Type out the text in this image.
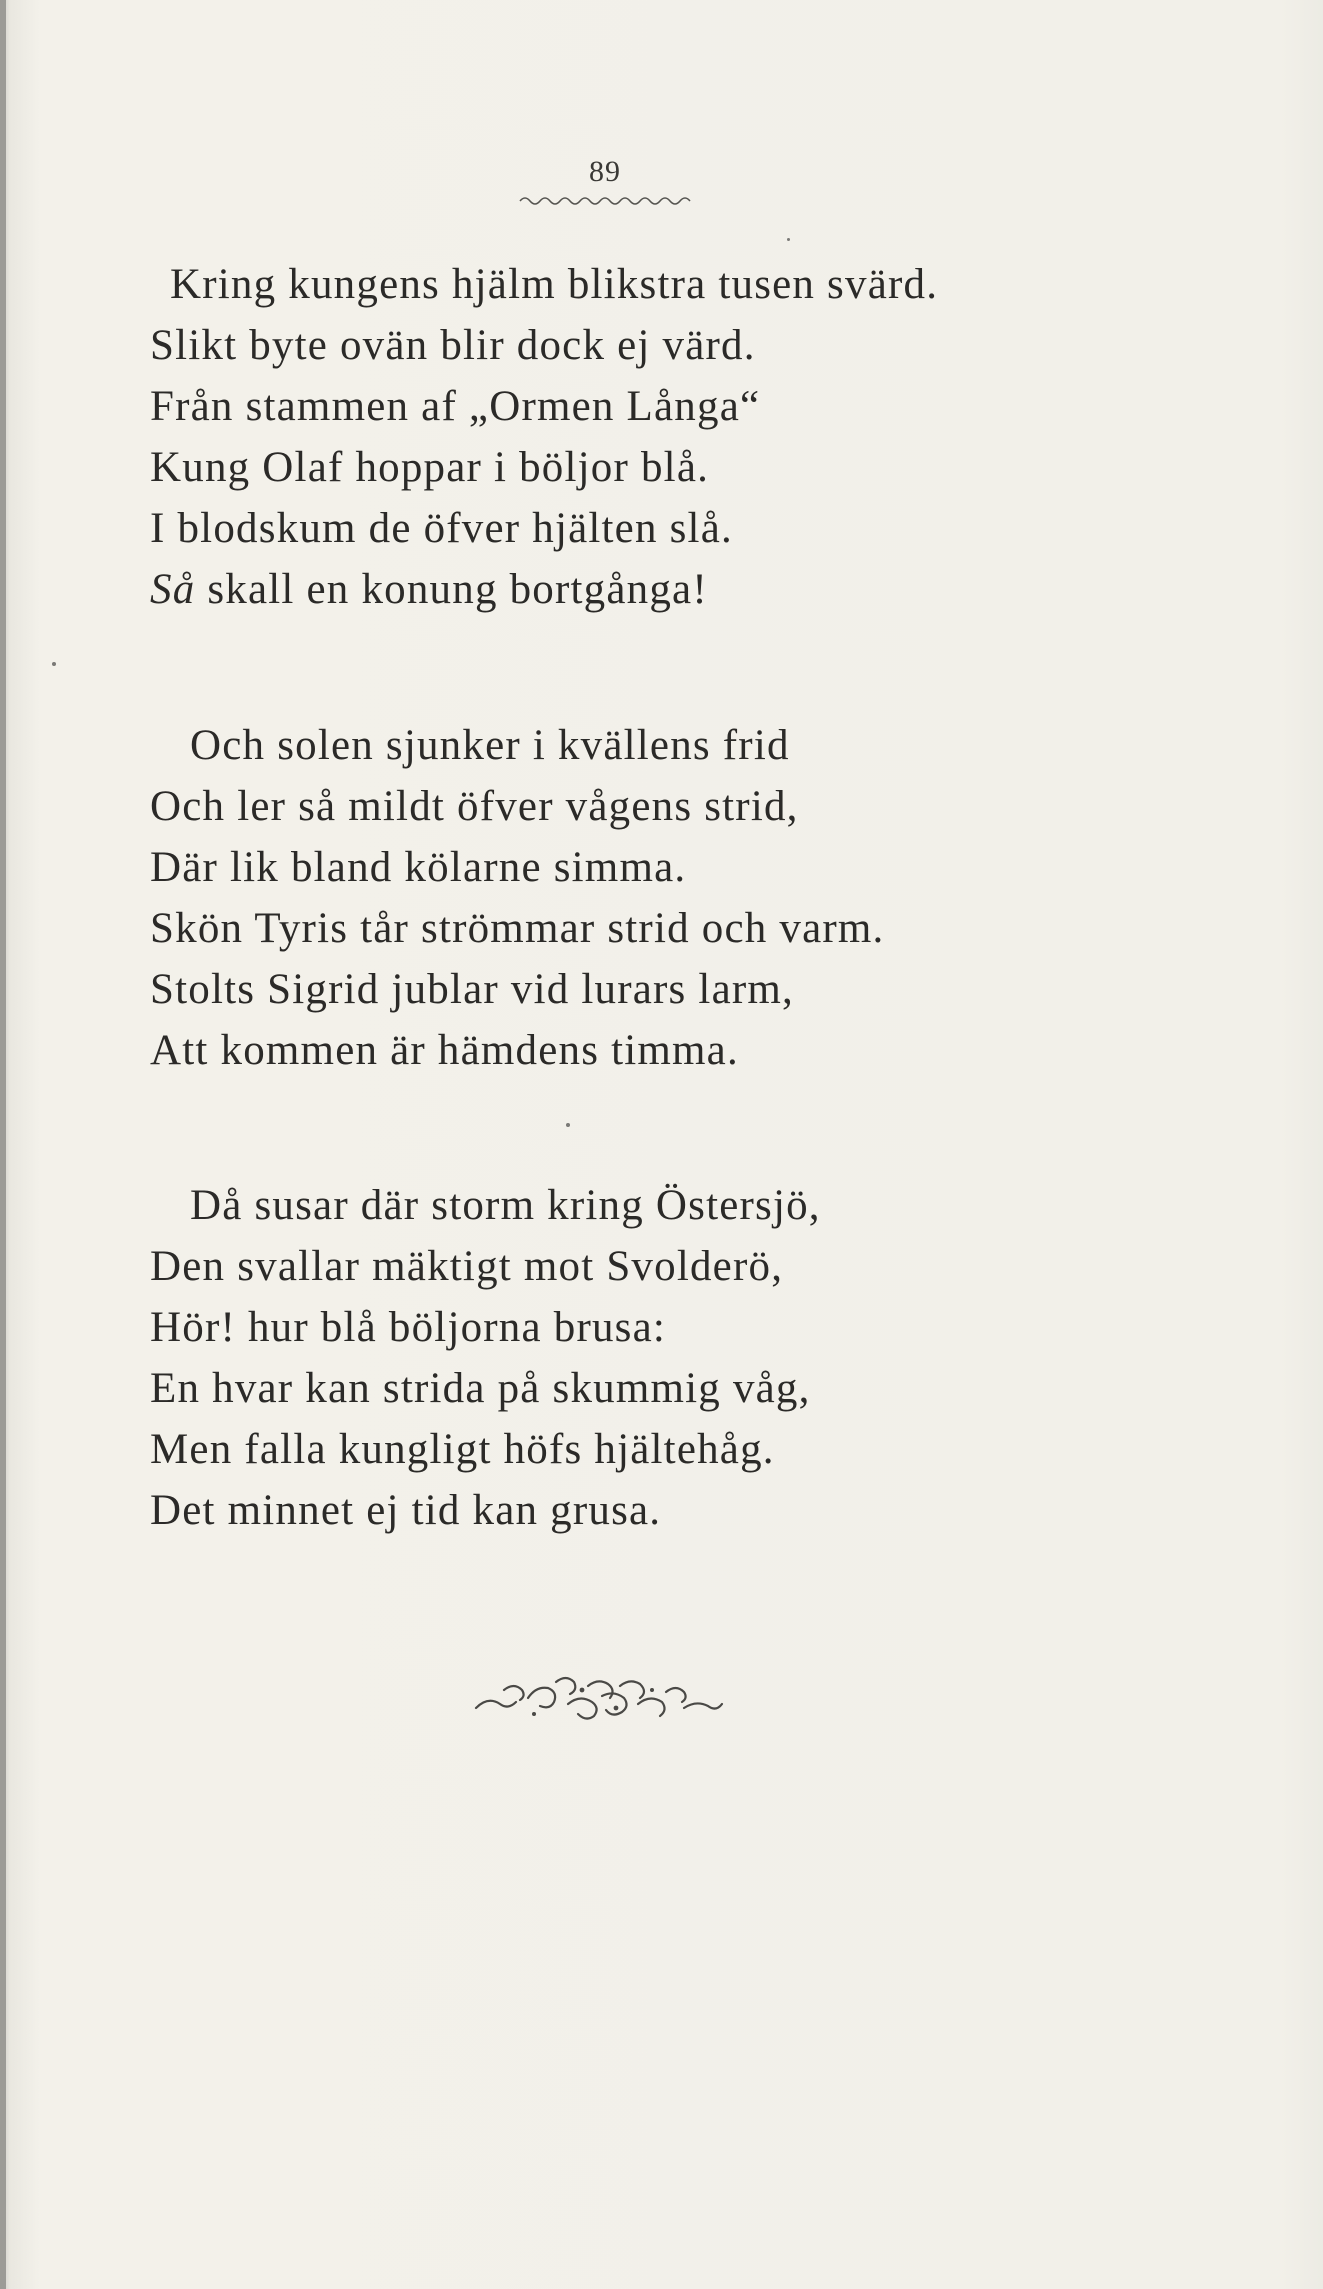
89
Kring kungens hjälm blikstra tusen svärd.
Slikt byte ovän blir dock ej värd.
Från stammen af „Ormen Långa“
Kung Olaf hoppar i böljor blå.
I blodskum de öfver hjälten slå.
Så skall en konung bortgånga!
Och solen sjunker i kvällens frid
Och ler så mildt öfver vågens strid,
Där lik bland kölarne simma.
Skön Tyris tår strömmar strid och varm.
Stolts Sigrid jublar vid lurars larm,
Att kommen är hämdens timma.
Då susar där storm kring Östersjö,
Den svallar mäktigt mot Svolderö,
Hör! hur blå böljorna brusa:
En hvar kan strida på skummig våg,
Men falla kungligt höfs hjältehåg.
Det minnet ej tid kan grusa.
